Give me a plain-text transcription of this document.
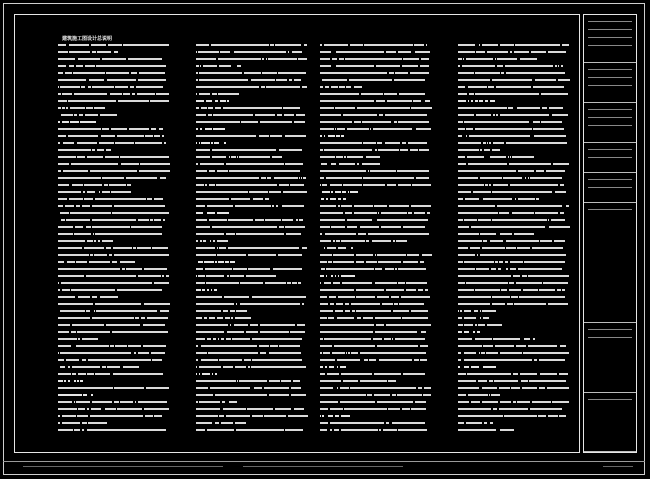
建筑施工图设计总说明
